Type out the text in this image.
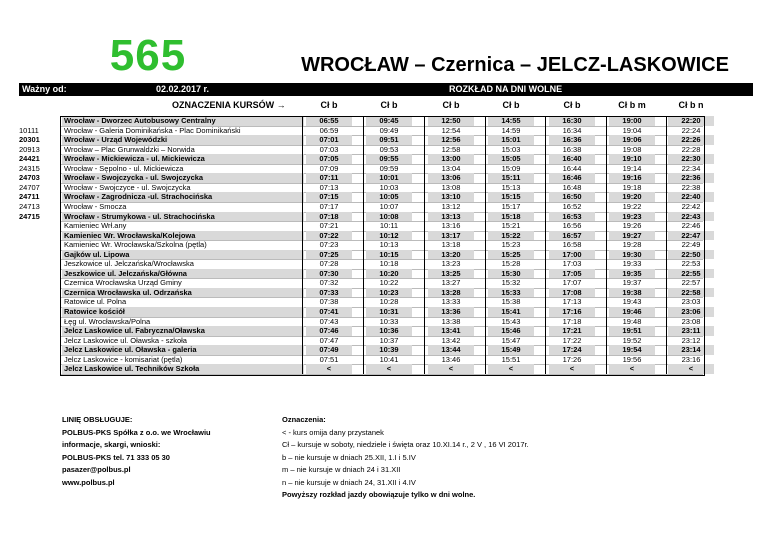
565	WROCŁAW – Czernica – JELCZ-LASKOWICE
Ważny od:	02.02.2017 r.	ROZKŁAD NA DNI WOLNE
OZNACZENIA KURSÓW →	Cł b	Cł b	Cł b	Cł b	Cł b	Cł b m	Cł b n
Wrocław - Dworzec Autobusowy Centralny	06:55	09:45	12:50	14:55	16:30	19:00	22:20
10111	Wrocław - Galeria Dominikańska - Plac Dominikański	06:59	09:49	12:54	14:59	16:34	19:04	22:24
20301	Wrocław - Urząd Wojewódzki	07:01	09:51	12:56	15:01	16:36	19:06	22:26
20913	Wrocław – Plac Grunwaldzki – Norwida	07:03	09:53	12:58	15:03	16:38	19:08	22:28
24421	Wrocław - Mickiewicza - ul. Mickiewicza	07:05	09:55	13:00	15:05	16:40	19:10	22:30
24315	Wrocław - Sępolno - ul. Mickiewicza	07:09	09:59	13:04	15:09	16:44	19:14	22:34
24703	Wrocław - Swojczycka - ul. Swojczycka	07:11	10:01	13:06	15:11	16:46	19:16	22:36
24707	Wrocław - Swojczyce - ul. Swojczycka	07:13	10:03	13:08	15:13	16:48	19:18	22:38
24711	Wrocław - Zagrodnicza -ul. Strachocińska	07:15	10:05	13:10	15:15	16:50	19:20	22:40
24713	Wrocław - Smocza	07:17	10:07	13:12	15:17	16:52	19:22	22:42
24715	Wrocław - Strumykowa - ul. Strachocińska	07:18	10:08	13:13	15:18	16:53	19:23	22:43
Kamieniec Wrł.any	07:21	10:11	13:16	15:21	16:56	19:26	22:46
Kamieniec Wr. Wrocławska/Kolejowa	07:22	10:12	13:17	15:22	16:57	19:27	22:47
Kamieniec Wr. Wrocławska/Szkolna (pętla)	07:23	10:13	13:18	15:23	16:58	19:28	22:49
Gajków ul. Lipowa	07:25	10:15	13:20	15:25	17:00	19:30	22:50
Jeszkowice ul. Jelczańska/Wrocławska	07:28	10:18	13:23	15:28	17:03	19:33	22:53
Jeszkowice ul. Jelczańska/Główna	07:30	10:20	13:25	15:30	17:05	19:35	22:55
Czernica Wrocławska Urząd Gminy	07:32	10:22	13:27	15:32	17:07	19:37	22:57
Czernica Wrocławska ul. Odrzańska	07:33	10:23	13:28	15:33	17:08	19:38	22:58
Ratowice ul. Polna	07:38	10:28	13:33	15:38	17:13	19:43	23:03
Ratowice kościół	07:41	10:31	13:36	15:41	17:16	19:46	23:06
Łęg ul. Wrocławska/Polna	07:43	10:33	13:38	15:43	17:18	19:48	23:08
Jelcz Laskowice ul. Fabryczna/Oławska	07:46	10:36	13:41	15:46	17:21	19:51	23:11
Jelcz Laskowice ul. Oławska - szkoła	07:47	10:37	13:42	15:47	17:22	19:52	23:12
Jelcz Laskowice ul. Oławska - galeria	07:49	10:39	13:44	15:49	17:24	19:54	23:14
Jelcz Laskowice - komisariat (pętla)	07:51	10:41	13:46	15:51	17:26	19:56	23:16
Jelcz Laskowice ul. Techników Szkoła	<	<	<	<	<	<	<
LINIĘ OBSŁUGUJE:
POLBUS-PKS Spółka z o.o. we Wrocławiu
informacje, skargi, wnioski:
POLBUS-PKS tel. 71 333 05 30
pasazer@polbus.pl
www.polbus.pl
Oznaczenia:
< - kurs omija dany przystanek
Cł – kursuje w soboty, niedziele i święta oraz 10.XI.14 r., 2 V , 16 VI 2017r.
b – nie kursuje w dniach 25.XII, 1.I i 5.IV
m – nie kursuje w dniach 24 i 31.XII
n – nie kursuje w dniach 24, 31.XII i 4.IV
Powyższy rozkład jazdy obowiązuje tylko w dni wolne.
